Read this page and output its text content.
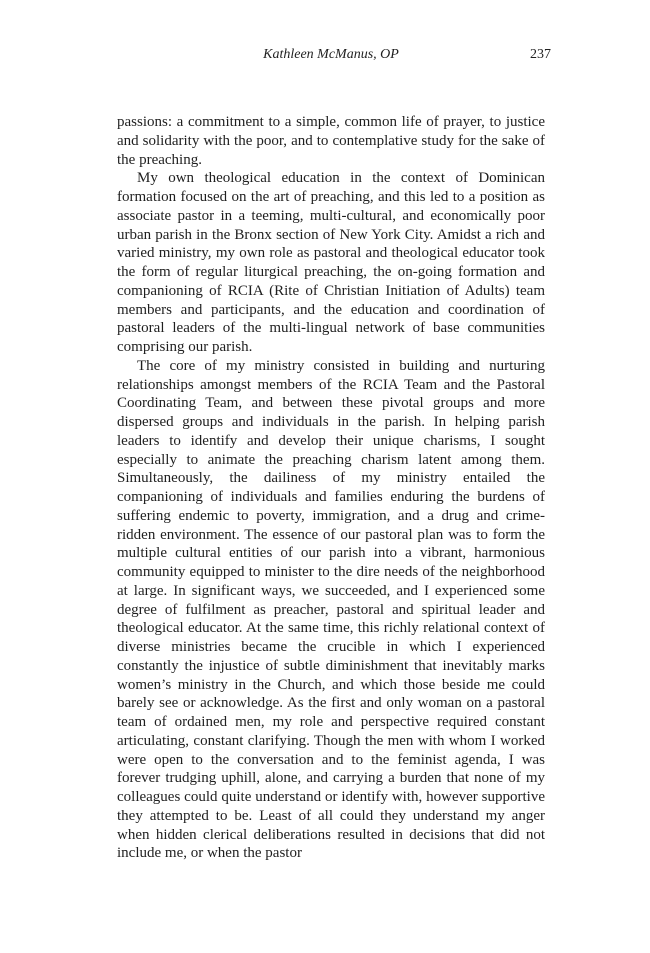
Kathleen McManus, OP	237

passions: a commitment to a simple, common life of prayer, to justice and solidarity with the poor, and to contemplative study for the sake of the preaching.

My own theological education in the context of Dominican formation focused on the art of preaching, and this led to a position as associate pastor in a teeming, multi-cultural, and economically poor urban parish in the Bronx section of New York City. Amidst a rich and varied ministry, my own role as pastoral and theological educator took the form of regular liturgical preaching, the on-going formation and companioning of RCIA (Rite of Christian Initiation of Adults) team members and participants, and the education and coordination of pastoral leaders of the multi-lingual network of base communities comprising our parish.

The core of my ministry consisted in building and nurturing relationships amongst members of the RCIA Team and the Pastoral Coordinating Team, and between these pivotal groups and more dispersed groups and individuals in the parish. In helping parish leaders to identify and develop their unique charisms, I sought especially to animate the preaching charism latent among them. Simultaneously, the dailiness of my ministry entailed the companioning of individuals and families enduring the burdens of suffering endemic to poverty, immigration, and a drug and crime- ridden environment. The essence of our pastoral plan was to form the multiple cultural entities of our parish into a vibrant, harmonious community equipped to minister to the dire needs of the neighborhood at large. In significant ways, we succeeded, and I experienced some degree of fulfilment as preacher, pastoral and spiritual leader and theological educator. At the same time, this richly relational context of diverse ministries became the crucible in which I experienced constantly the injustice of subtle diminishment that inevitably marks women’s ministry in the Church, and which those beside me could barely see or acknowledge. As the first and only woman on a pastoral team of ordained men, my role and perspective required constant articulating, constant clarifying. Though the men with whom I worked were open to the conversation and to the feminist agenda, I was forever trudging uphill, alone, and carrying a burden that none of my colleagues could quite understand or identify with, however supportive they attempted to be. Least of all could they understand my anger when hidden clerical deliberations resulted in decisions that did not include me, or when the pastor
